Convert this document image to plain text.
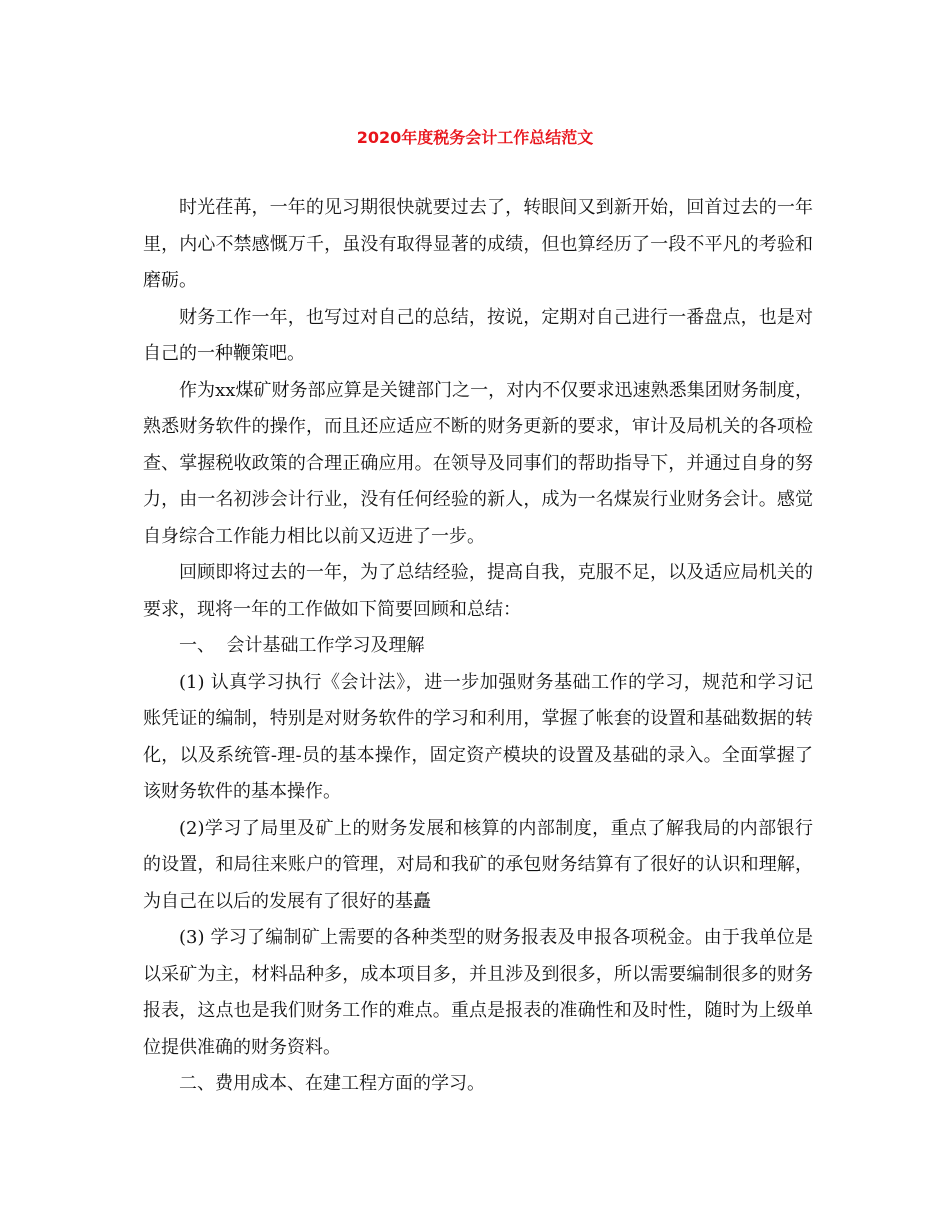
2020年度税务会计工作总结范文

时光荏苒，一年的见习期很快就要过去了，转眼间又到新开始，回首过去的一年里，内心不禁感慨万千，虽没有取得显著的成绩，但也算经历了一段不平凡的考验和磨砺。

财务工作一年，也写过对自己的总结，按说，定期对自己进行一番盘点，也是对自己的一种鞭策吧。

作为xx煤矿财务部应算是关键部门之一，对内不仅要求迅速熟悉集团财务制度，熟悉财务软件的操作，而且还应适应不断的财务更新的要求，审计及局机关的各项检查、掌握税收政策的合理正确应用。在领导及同事们的帮助指导下，并通过自身的努力，由一名初涉会计行业，没有任何经验的新人，成为一名煤炭行业财务会计。感觉自身综合工作能力相比以前又迈进了一步。

回顾即将过去的一年，为了总结经验，提高自我，克服不足，以及适应局机关的要求，现将一年的工作做如下简要回顾和总结：

一、  会计基础工作学习及理解

(1) 认真学习执行《会计法》，进一步加强财务基础工作的学习，规范和学习记账凭证的编制，特别是对财务软件的学习和利用，掌握了帐套的设置和基础数据的转化，以及系统管-理-员的基本操作，固定资产模块的设置及基础的录入。全面掌握了该财务软件的基本操作。

(2)学习了局里及矿上的财务发展和核算的内部制度，重点了解我局的内部银行的设置，和局往来账户的管理，对局和我矿的承包财务结算有了很好的认识和理解，为自己在以后的发展有了很好的基矗

(3) 学习了编制矿上需要的各种类型的财务报表及申报各项税金。由于我单位是以采矿为主，材料品种多，成本项目多，并且涉及到很多，所以需要编制很多的财务报表，这点也是我们财务工作的难点。重点是报表的准确性和及时性，随时为上级单位提供准确的财务资料。

二、费用成本、在建工程方面的学习。
